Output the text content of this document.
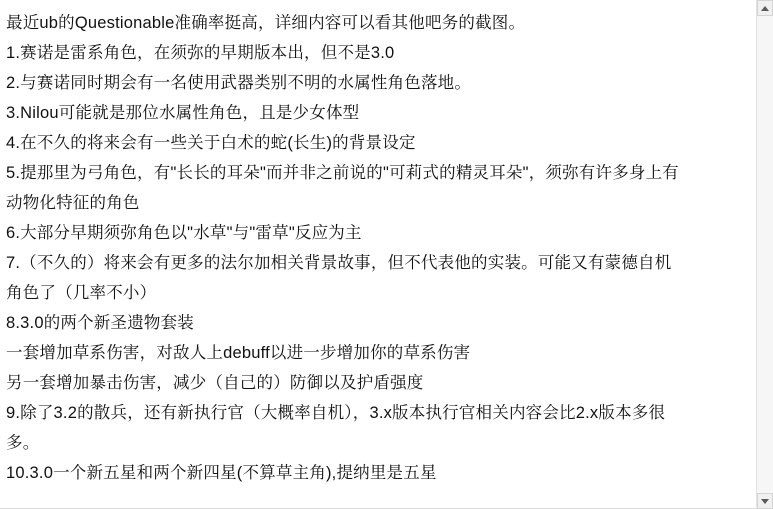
最近ub的Questionable准确率挺高，详细内容可以看其他吧务的截图。
1.赛诺是雷系角色，在须弥的早期版本出，但不是3.0
2.与赛诺同时期会有一名使用武器类别不明的水属性角色落地。
3.Nilou可能就是那位水属性角色，且是少女体型
4.在不久的将来会有一些关于白术的蛇(长生)的背景设定
5.提那里为弓角色，有"长长的耳朵"而并非之前说的"可莉式的精灵耳朵"，须弥有许多身上有
动物化特征的角色
6.大部分早期须弥角色以"水草"与"雷草"反应为主
7.（不久的）将来会有更多的法尔加相关背景故事，但不代表他的实装。可能又有蒙德自机
角色了（几率不小）
8.3.0的两个新圣遗物套装
一套增加草系伤害，对敌人上debuff以进一步增加你的草系伤害
另一套增加暴击伤害，减少（自己的）防御以及护盾强度
9.除了3.2的散兵，还有新执行官（大概率自机），3.x版本执行官相关内容会比2.x版本多很
多。
10.3.0一个新五星和两个新四星(不算草主角),提纳里是五星
